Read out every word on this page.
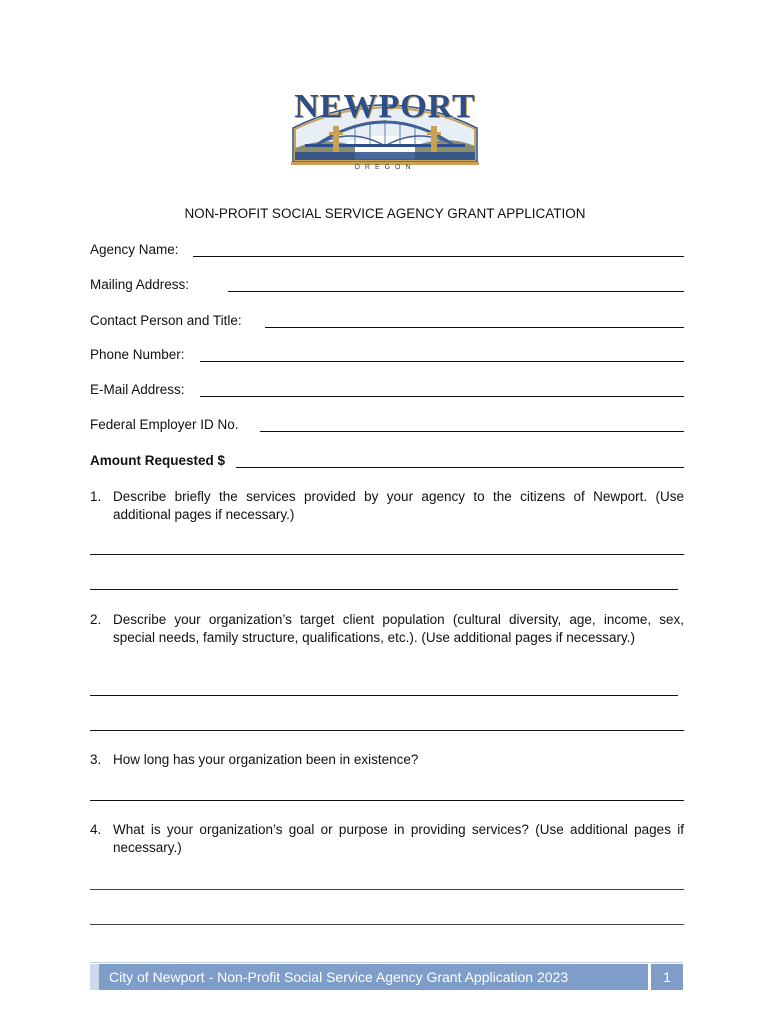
NEWPORT
OREGON
NON-PROFIT SOCIAL SERVICE AGENCY GRANT APPLICATION
Agency Name:
Mailing Address:
Contact Person and Title:
Phone Number:
E-Mail Address:
Federal Employer ID No.
Amount Requested $
1. Describe briefly the services provided by your agency to the citizens of Newport. (Use additional pages if necessary.)
2. Describe your organization’s target client population (cultural diversity, age, income, sex, special needs, family structure, qualifications, etc.). (Use additional pages if necessary.)
3. How long has your organization been in existence?
4. What is your organization’s goal or purpose in providing services? (Use additional pages if necessary.)
City of Newport - Non-Profit Social Service Agency Grant Application 2023	1
